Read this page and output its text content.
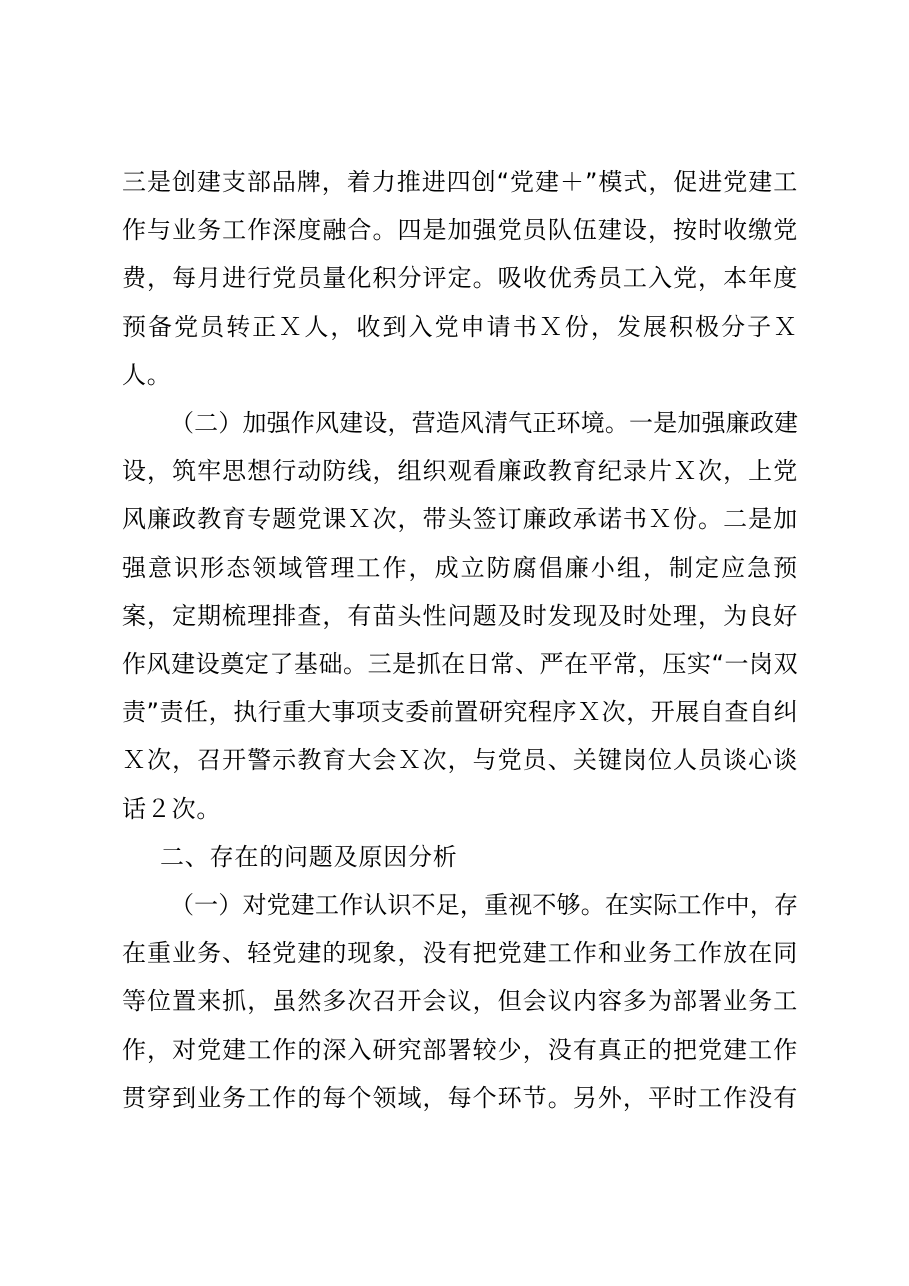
三是创建支部品牌，着力推进四创“党建＋”模式，促进党建工
作与业务工作深度融合。四是加强党员队伍建设，按时收缴党
费，每月进行党员量化积分评定。吸收优秀员工入党，本年度
预备党员转正Ｘ人，收到入党申请书Ｘ份，发展积极分子Ｘ
人。
（二）加强作风建设，营造风清气正环境。一是加强廉政建
设，筑牢思想行动防线，组织观看廉政教育纪录片Ｘ次，上党
风廉政教育专题党课Ｘ次，带头签订廉政承诺书Ｘ份。二是加
强意识形态领域管理工作，成立防腐倡廉小组，制定应急预
案，定期梳理排查，有苗头性问题及时发现及时处理，为良好
作风建设奠定了基础。三是抓在日常、严在平常，压实“一岗双
责”责任，执行重大事项支委前置研究程序Ｘ次，开展自查自纠
Ｘ次，召开警示教育大会Ｘ次，与党员、关键岗位人员谈心谈
话２次。
二、存在的问题及原因分析
（一）对党建工作认识不足，重视不够。在实际工作中，存
在重业务、轻党建的现象，没有把党建工作和业务工作放在同
等位置来抓，虽然多次召开会议，但会议内容多为部署业务工
作，对党建工作的深入研究部署较少，没有真正的把党建工作
贯穿到业务工作的每个领域，每个环节。另外，平时工作没有
